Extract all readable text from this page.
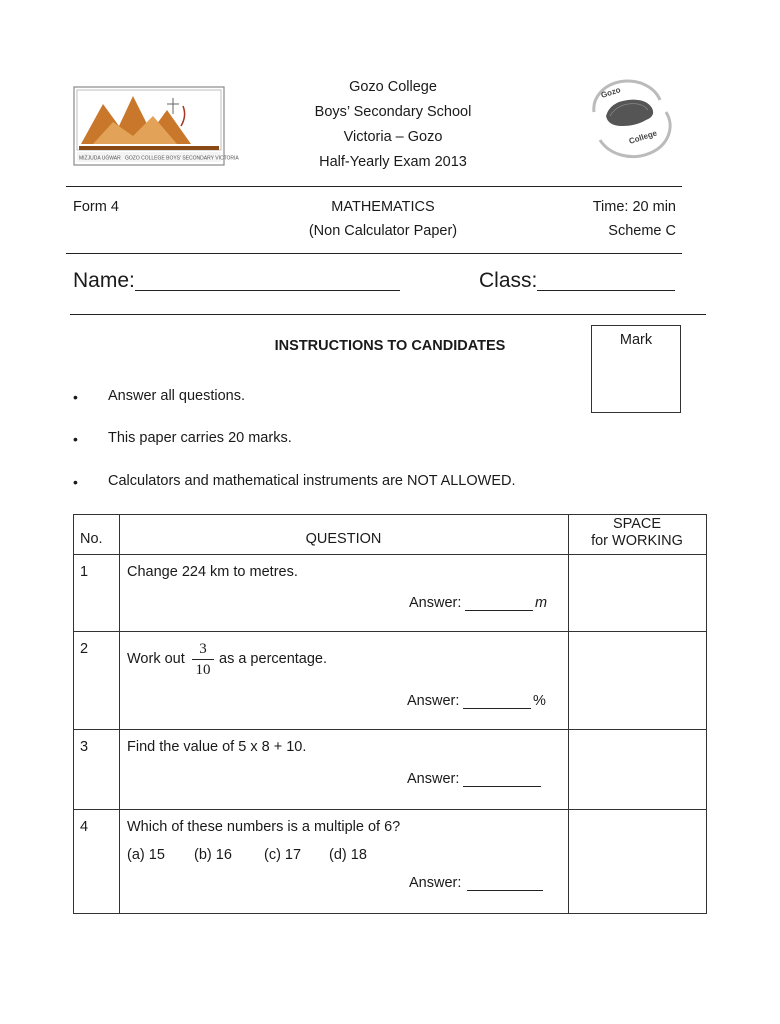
MIŻJUDA UĠWAR GOZO COLLEGE BOYS' SECONDARY VICTORIA
Gozo College
Boys’ Secondary School
Victoria – Gozo
Half-Yearly Exam 2013
Gozo
College
Form 4	MATHEMATICS
(Non Calculator Paper)
Time: 20 min
Scheme C
Name:	Class:
Mark
INSTRUCTIONS TO CANDIDATES
• Answer all questions.
• This paper carries 20 marks.
• Calculators and mathematical instruments are NOT ALLOWED.
No.	QUESTION
SPACE
for WORKING
1	Change 224 km to metres.
Answer:	m
2
Work out
3
10
as a percentage.
Answer:	%
3	Find the value of 5 x 8 + 10.
Answer:
4	Which of these numbers is a multiple of 6?
(a) 15 (b) 16 (c) 17 (d) 18
Answer:
